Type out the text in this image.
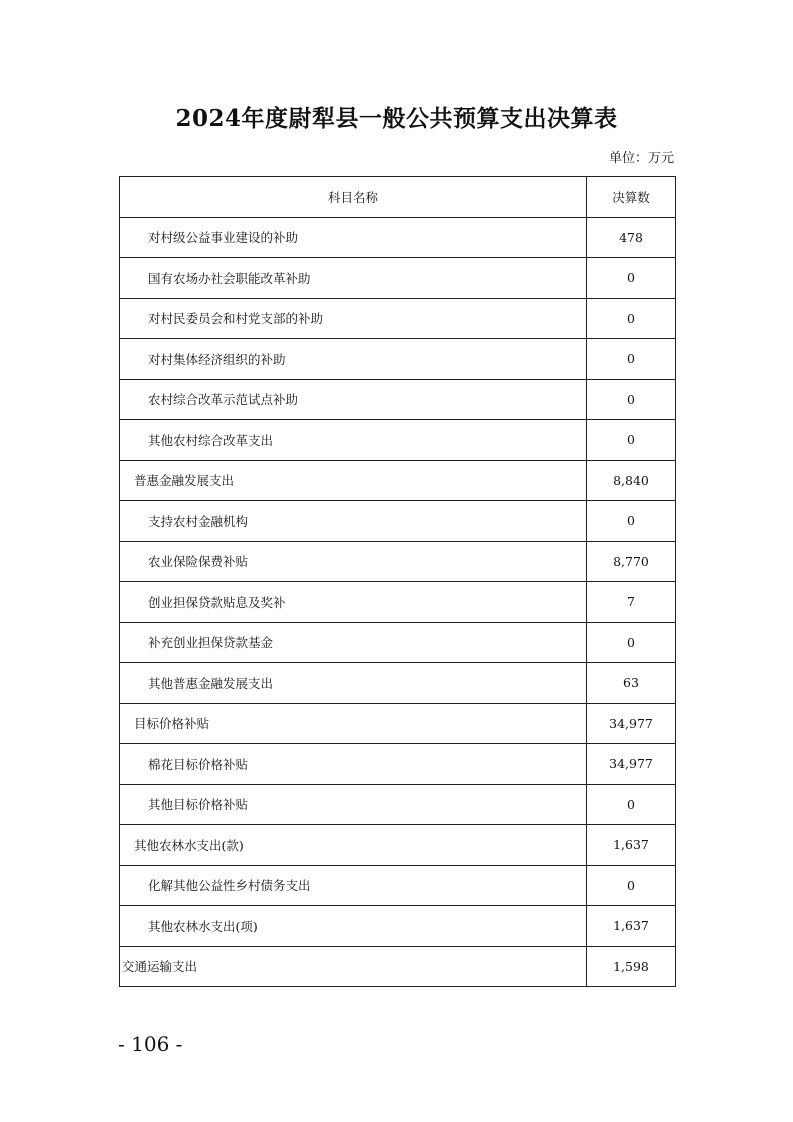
2024年度尉犁县一般公共预算支出决算表
单位：万元
科目名称	决算数
对村级公益事业建设的补助	478
国有农场办社会职能改革补助	0
对村民委员会和村党支部的补助	0
对村集体经济组织的补助	0
农村综合改革示范试点补助	0
其他农村综合改革支出	0
普惠金融发展支出	8,840
支持农村金融机构	0
农业保险保费补贴	8,770
创业担保贷款贴息及奖补	7
补充创业担保贷款基金	0
其他普惠金融发展支出	63
目标价格补贴	34,977
棉花目标价格补贴	34,977
其他目标价格补贴	0
其他农林水支出(款)	1,637
化解其他公益性乡村债务支出	0
其他农林水支出(项)	1,637
交通运输支出	1,598
- 106 -
